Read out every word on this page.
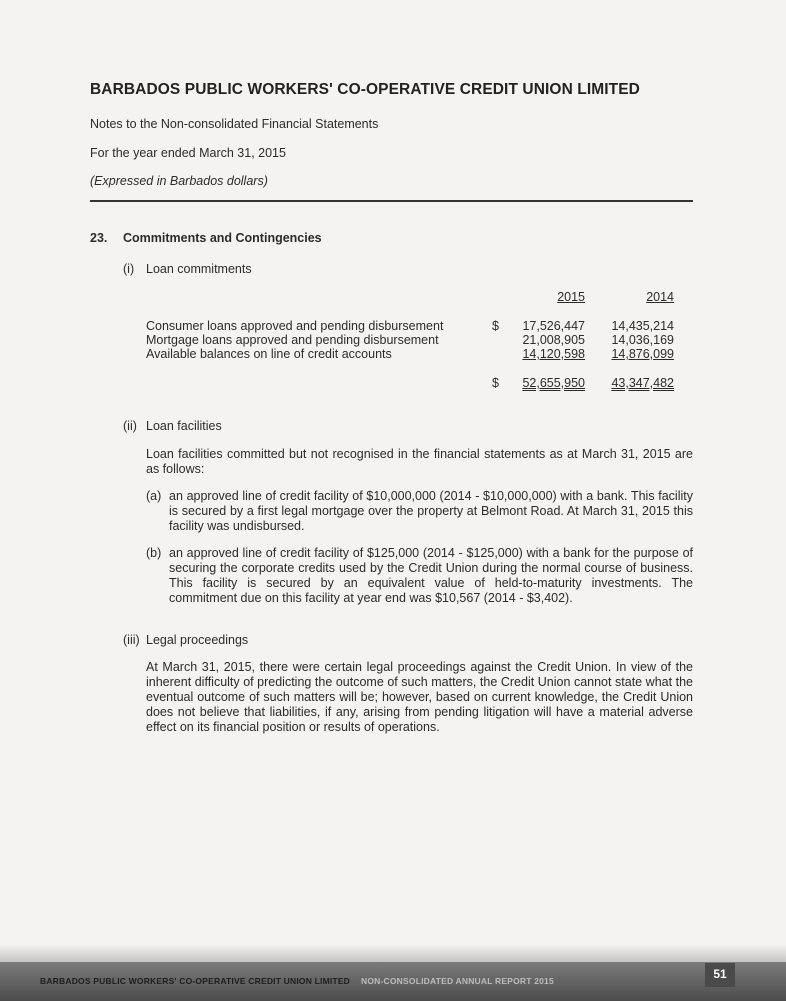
BARBADOS PUBLIC WORKERS' CO-OPERATIVE CREDIT UNION LIMITED
Notes to the Non-consolidated Financial Statements
For the year ended March 31, 2015
(Expressed in Barbados dollars)
23. Commitments and Contingencies
(i) Loan commitments
2015	2014
Consumer loans approved and pending disbursement	$	17,526,447	14,435,214
Mortgage loans approved and pending disbursement	21,008,905	14,036,169
Available balances on line of credit accounts	14,120,598	14,876,099
$	52,655,950	43,347,482
(ii) Loan facilities
Loan facilities committed but not recognised in the financial statements as at March 31, 2015 are as follows:
(a) an approved line of credit facility of $10,000,000 (2014 - $10,000,000) with a bank. This facility is secured by a first legal mortgage over the property at Belmont Road. At March 31, 2015 this facility was undisbursed.
(b) an approved line of credit facility of $125,000 (2014 - $125,000) with a bank for the purpose of securing the corporate credits used by the Credit Union during the normal course of business. This facility is secured by an equivalent value of held-to-maturity investments. The commitment due on this facility at year end was $10,567 (2014 - $3,402).
(iii) Legal proceedings
At March 31, 2015, there were certain legal proceedings against the Credit Union. In view of the inherent difficulty of predicting the outcome of such matters, the Credit Union cannot state what the eventual outcome of such matters will be; however, based on current knowledge, the Credit Union does not believe that liabilities, if any, arising from pending litigation will have a material adverse effect on its financial position or results of operations.
BARBADOS PUBLIC WORKERS' CO-OPERATIVE CREDIT UNION LIMITED NON-CONSOLIDATED ANNUAL REPORT 2015	51
